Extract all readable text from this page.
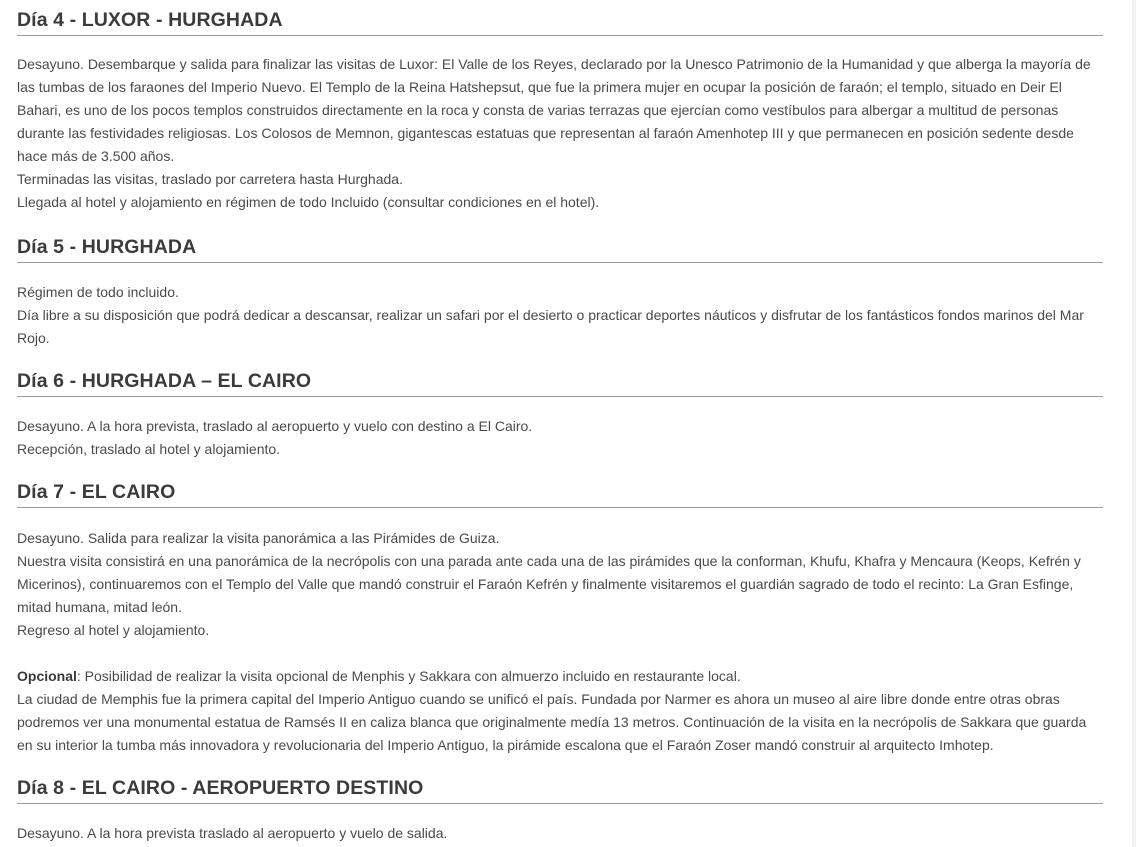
Día 4 - LUXOR - HURGHADA

Desayuno. Desembarque y salida para finalizar las visitas de Luxor: El Valle de los Reyes, declarado por la Unesco Patrimonio de la Humanidad y que alberga la mayoría de las tumbas de los faraones del Imperio Nuevo. El Templo de la Reina Hatshepsut, que fue la primera mujer en ocupar la posición de faraón; el templo, situado en Deir El Bahari, es uno de los pocos templos construidos directamente en la roca y consta de varias terrazas que ejercían como vestíbulos para albergar a multitud de personas durante las festividades religiosas. Los Colosos de Memnon, gigantescas estatuas que representan al faraón Amenhotep III y que permanecen en posición sedente desde hace más de 3.500 años.

Terminadas las visitas, traslado por carretera hasta Hurghada.

Llegada al hotel y alojamiento en régimen de todo Incluido (consultar condiciones en el hotel).

Día 5 - HURGHADA

Régimen de todo incluido.

Día libre a su disposición que podrá dedicar a descansar, realizar un safari por el desierto o practicar deportes náuticos y disfrutar de los fantásticos fondos marinos del Mar Rojo.

Día 6 - HURGHADA – EL CAIRO

Desayuno. A la hora prevista, traslado al aeropuerto y vuelo con destino a El Cairo.

Recepción, traslado al hotel y alojamiento.

Día 7 - EL CAIRO

Desayuno. Salida para realizar la visita panorámica a las Pirámides de Guiza.

Nuestra visita consistirá en una panorámica de la necrópolis con una parada ante cada una de las pirámides que la conforman, Khufu, Khafra y Mencaura (Keops, Kefrén y Micerinos), continuaremos con el Templo del Valle que mandó construir el Faraón Kefrén y finalmente visitaremos el guardián sagrado de todo el recinto: La Gran Esfinge, mitad humana, mitad león.

Regreso al hotel y alojamiento.

Opcional: Posibilidad de realizar la visita opcional de Menphis y Sakkara con almuerzo incluido en restaurante local.

La ciudad de Memphis fue la primera capital del Imperio Antiguo cuando se unificó el país. Fundada por Narmer es ahora un museo al aire libre donde entre otras obras podremos ver una monumental estatua de Ramsés II en caliza blanca que originalmente medía 13 metros. Continuación de la visita en la necrópolis de Sakkara que guarda en su interior la tumba más innovadora y revolucionaria del Imperio Antiguo, la pirámide escalona que el Faraón Zoser mandó construir al arquitecto Imhotep.

Día 8 - EL CAIRO - AEROPUERTO DESTINO

Desayuno. A la hora prevista traslado al aeropuerto y vuelo de salida.
